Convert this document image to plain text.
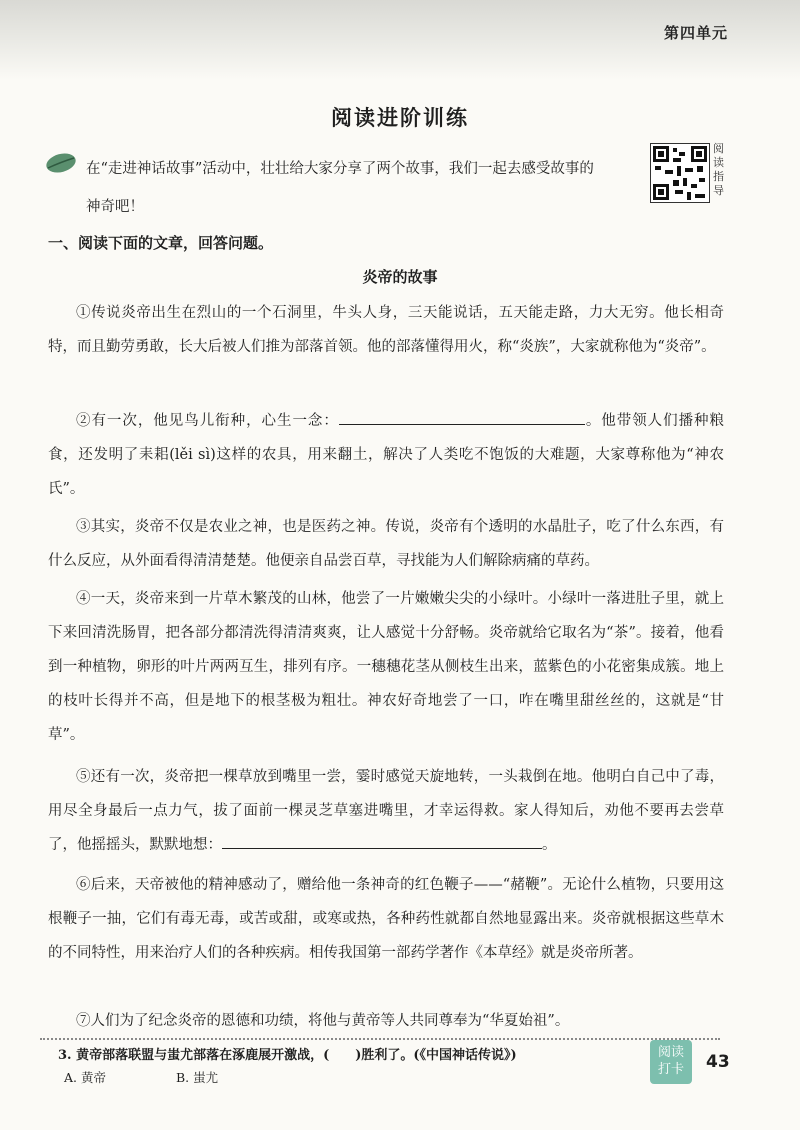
第四单元
阅读进阶训练
在“走进神话故事”活动中，壮壮给大家分享了两个故事，我们一起去感受故事的

神奇吧！
阅读指导
一、阅读下面的文章，回答问题。
炎帝的故事
①传说炎帝出生在烈山的一个石洞里，牛头人身，三天能说话，五天能走路，力大无穷。他长相奇特，而且勤劳勇敢，长大后被人们推为部落首领。他的部落懂得用火，称“炎族”，大家就称他为“炎帝”。
②有一次，他见鸟儿衔种，心生一念：	。他带领人们播种粮食，还发明了耒耜(lěi sì)这样的农具，用来翻土，解决了人类吃不饱饭的大难题，大家尊称他为“神农氏”。
③其实，炎帝不仅是农业之神，也是医药之神。传说，炎帝有个透明的水晶肚子，吃了什么东西，有什么反应，从外面看得清清楚楚。他便亲自品尝百草，寻找能为人们解除病痛的草药。
④一天，炎帝来到一片草木繁茂的山林，他尝了一片嫩嫩尖尖的小绿叶。小绿叶一落进肚子里，就上下来回清洗肠胃，把各部分都清洗得清清爽爽，让人感觉十分舒畅。炎帝就给它取名为“茶”。接着，他看到一种植物，卵形的叶片两两互生，排列有序。一穗穗花茎从侧枝生出来，蓝紫色的小花密集成簇。地上的枝叶长得并不高，但是地下的根茎极为粗壮。神农好奇地尝了一口，咋在嘴里甜丝丝的，这就是“甘草”。
⑤还有一次，炎帝把一棵草放到嘴里一尝，霎时感觉天旋地转，一头栽倒在地。他明白自己中了毒，用尽全身最后一点力气，拔了面前一棵灵芝草塞进嘴里，才幸运得救。家人得知后，劝他不要再去尝草了，他摇摇头，默默地想：	。
⑥后来，天帝被他的精神感动了，赠给他一条神奇的红色鞭子——“赭鞭”。无论什么植物，只要用这根鞭子一抽，它们有毒无毒，或苦或甜，或寒或热，各种药性就都自然地显露出来。炎帝就根据这些草木的不同特性，用来治疗人们的各种疾病。相传我国第一部药学著作《本草经》就是炎帝所著。
⑦人们为了纪念炎帝的恩德和功绩，将他与黄帝等人共同尊奉为“华夏始祖”。
3. 黄帝部落联盟与蚩尤部落在涿鹿展开激战，(　　)胜利了。(《中国神话传说》)
A. 黄帝	B. 蚩尤
阅读
打卡	43
